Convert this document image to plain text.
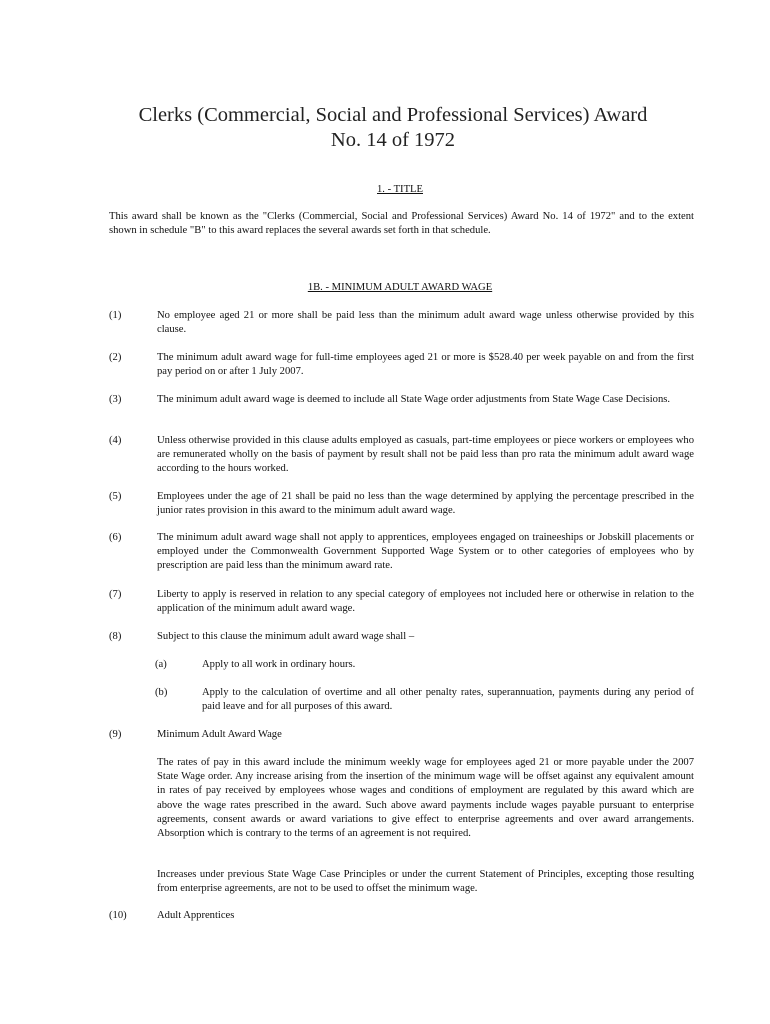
Clerks (Commercial, Social and Professional Services) Award
No. 14 of 1972
1. - TITLE
This award shall be known as the "Clerks (Commercial, Social and Professional Services) Award No. 14 of 1972" and to the extent shown in schedule "B" to this award replaces the several awards set forth in that schedule.
1B. - MINIMUM ADULT AWARD WAGE
(1)	No employee aged 21 or more shall be paid less than the minimum adult award wage unless otherwise provided by this clause.
(2)	The minimum adult award wage for full-time employees aged 21 or more is $528.40 per week payable on and from the first pay period on or after 1 July 2007.
(3)	The minimum adult award wage is deemed to include all State Wage order adjustments from State Wage Case Decisions.
(4)	Unless otherwise provided in this clause adults employed as casuals, part-time employees or piece workers or employees who are remunerated wholly on the basis of payment by result shall not be paid less than pro rata the minimum adult award wage according to the hours worked.
(5)	Employees under the age of 21 shall be paid no less than the wage determined by applying the percentage prescribed in the junior rates provision in this award to the minimum adult award wage.
(6)	The minimum adult award wage shall not apply to apprentices, employees engaged on traineeships or Jobskill placements or employed under the Commonwealth Government Supported Wage System or to other categories of employees who by prescription are paid less than the minimum award rate.
(7)	Liberty to apply is reserved in relation to any special category of employees not included here or otherwise in relation to the application of the minimum adult award wage.
(8)	Subject to this clause the minimum adult award wage shall –
(a)	Apply to all work in ordinary hours.
(b)	Apply to the calculation of overtime and all other penalty rates, superannuation, payments during any period of paid leave and for all purposes of this award.
(9)	Minimum Adult Award Wage
The rates of pay in this award include the minimum weekly wage for employees aged 21 or more payable under the 2007 State Wage order. Any increase arising from the insertion of the minimum wage will be offset against any equivalent amount in rates of pay received by employees whose wages and conditions of employment are regulated by this award which are above the wage rates prescribed in the award. Such above award payments include wages payable pursuant to enterprise agreements, consent awards or award variations to give effect to enterprise agreements and over award arrangements. Absorption which is contrary to the terms of an agreement is not required.
Increases under previous State Wage Case Principles or under the current Statement of Principles, excepting those resulting from enterprise agreements, are not to be used to offset the minimum wage.
(10)	Adult Apprentices
